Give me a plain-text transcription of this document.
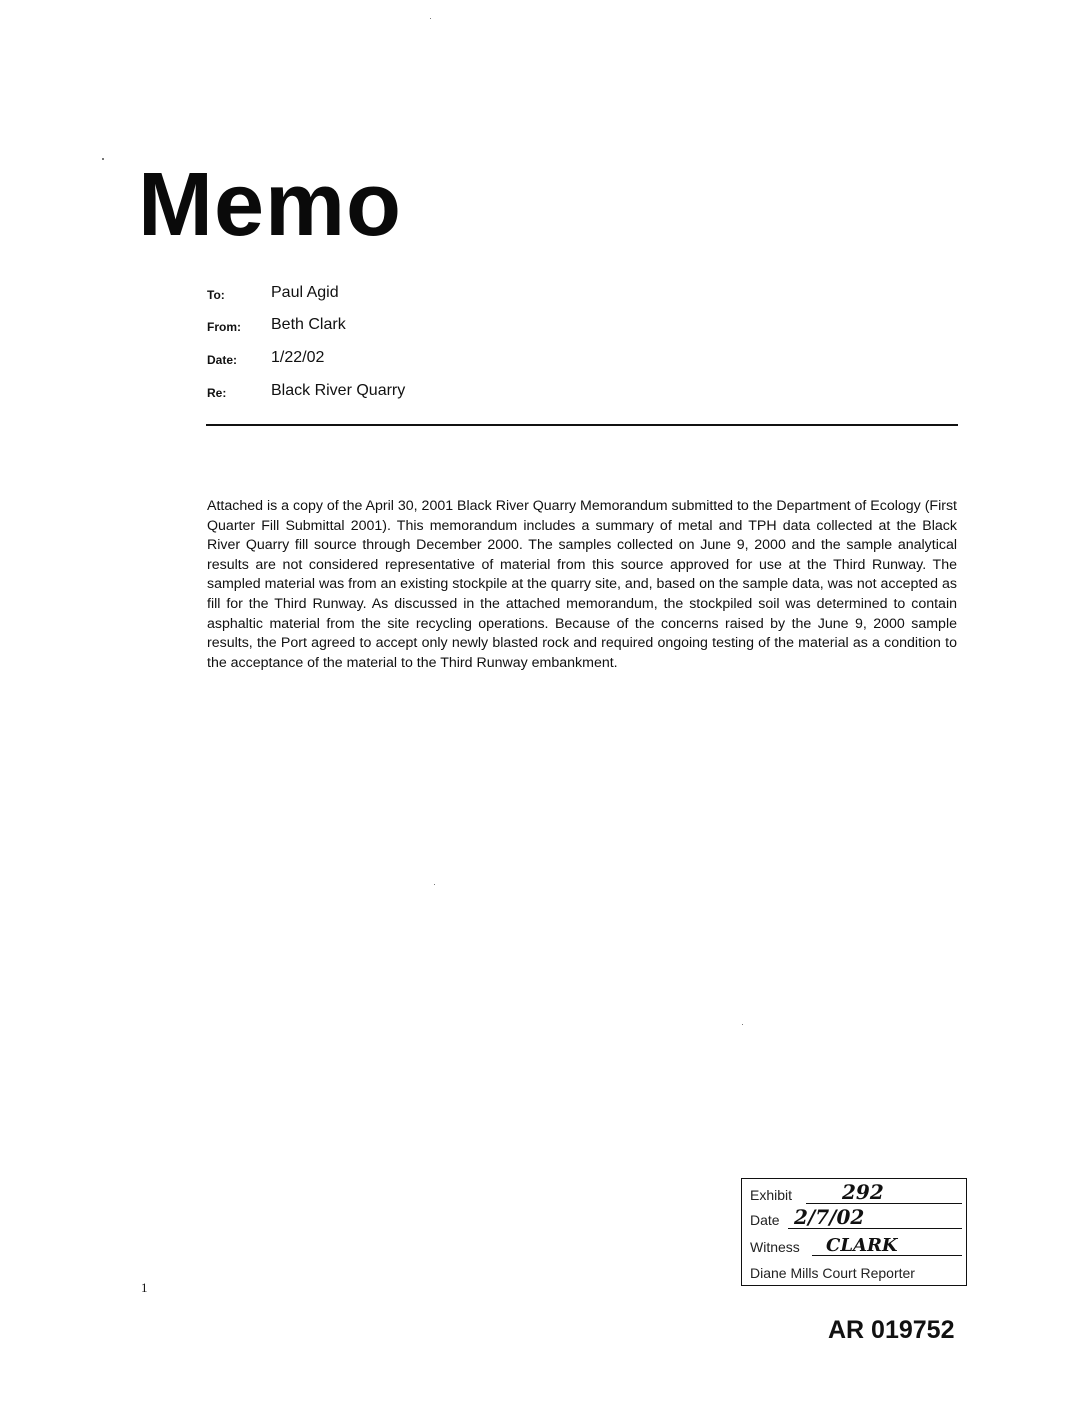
Memo
To:	Paul Agid
From: Beth Clark
Date: 1/22/02
Re:	Black River Quarry
Attached is a copy of the April 30, 2001 Black River Quarry Memorandum submitted to the Department of Ecology (First Quarter Fill Submittal 2001). This memorandum includes a summary of metal and TPH data collected at the Black River Quarry fill source through December 2000. The samples collected on June 9, 2000 and the sample analytical results are not considered representative of material from this source approved for use at the Third Runway. The sampled material was from an existing stockpile at the quarry site, and, based on the sample data, was not accepted as fill for the Third Runway. As discussed in the attached memorandum, the stockpiled soil was determined to contain asphaltic material from the site recycling operations. Because of the concerns raised by the June 9, 2000 sample results, the Port agreed to accept only newly blasted rock and required ongoing testing of the material as a condition to the acceptance of the material to the Third Runway embankment.
1
Exhibit 292
Date 2/7/02
Witness CLARK
Diane Mills Court Reporter
AR 019752
